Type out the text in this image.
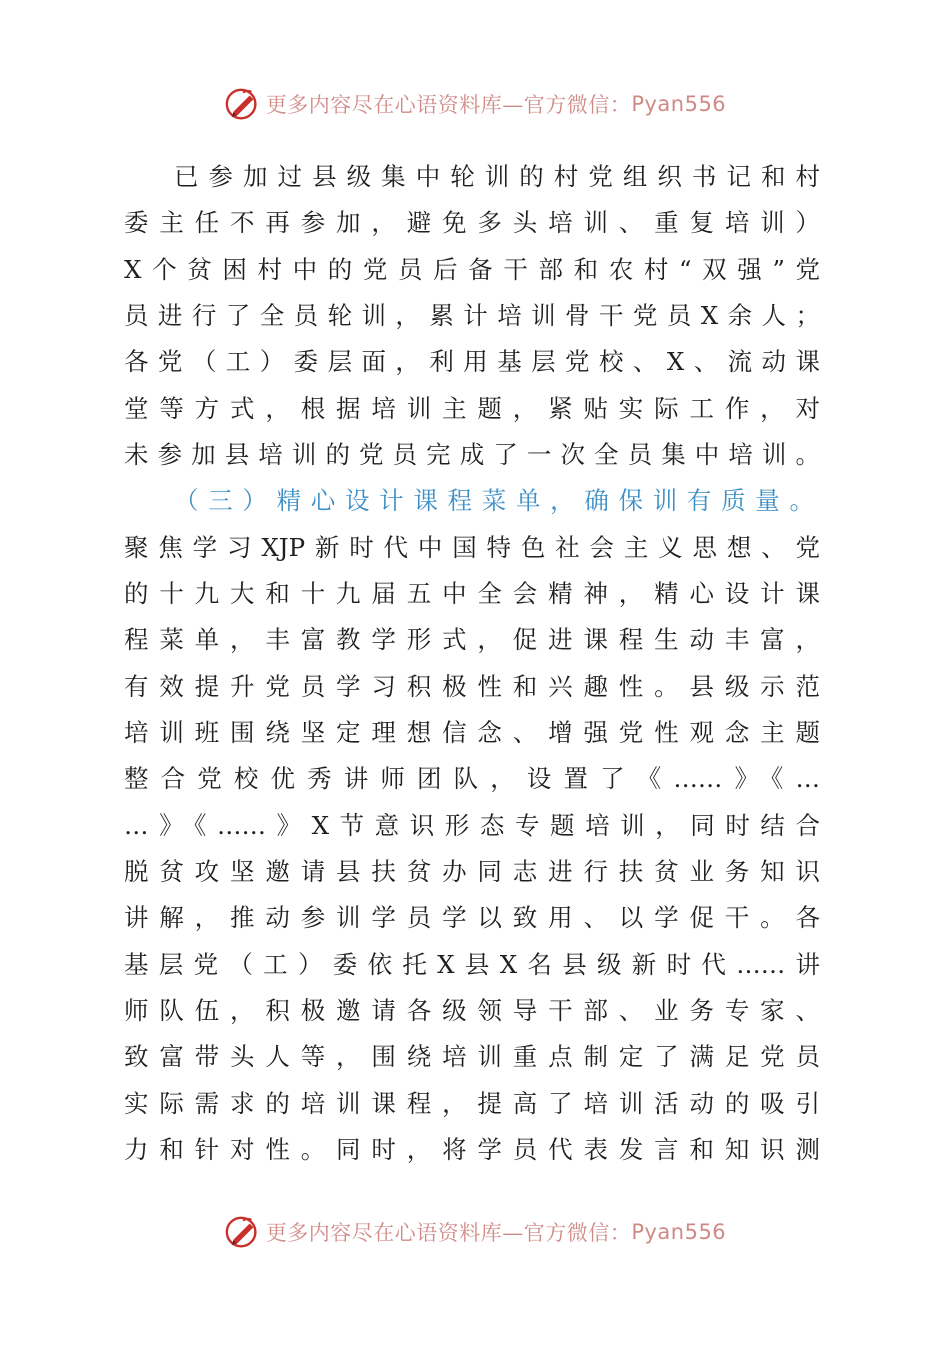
更多内容尽在心语资料库—官方微信： Pyan556
已参加过县级集中轮训的村党组织书记和村
委主任不再参加，避免多头培训、重复培训）
X个贫困村中的党员后备干部和农村“双强”党
员进行了全员轮训，累计培训骨干党员X余人；
各党（工）委层面，利用基层党校、X、流动课
堂等方式，根据培训主题，紧贴实际工作，对
未参加县培训的党员完成了一次全员集中培训。
（三）精心设计课程菜单，确保训有质量。
聚焦学习XJP新时代中国特色社会主义思想、党
的十九大和十九届五中全会精神，精心设计课
程菜单，丰富教学形式，促进课程生动丰富，
有效提升党员学习积极性和兴趣性。县级示范
培训班围绕坚定理想信念、增强党性观念主题
整合党校优秀讲师团队，设置了《……》《…
…》《……》X节意识形态专题培训，同时结合
脱贫攻坚邀请县扶贫办同志进行扶贫业务知识
讲解，推动参训学员学以致用、以学促干。各
基层党（工）委依托X县X名县级新时代……讲
师队伍，积极邀请各级领导干部、业务专家、
致富带头人等，围绕培训重点制定了满足党员
实际需求的培训课程，提高了培训活动的吸引
力和针对性。同时，将学员代表发言和知识测
更多内容尽在心语资料库—官方微信： Pyan556
